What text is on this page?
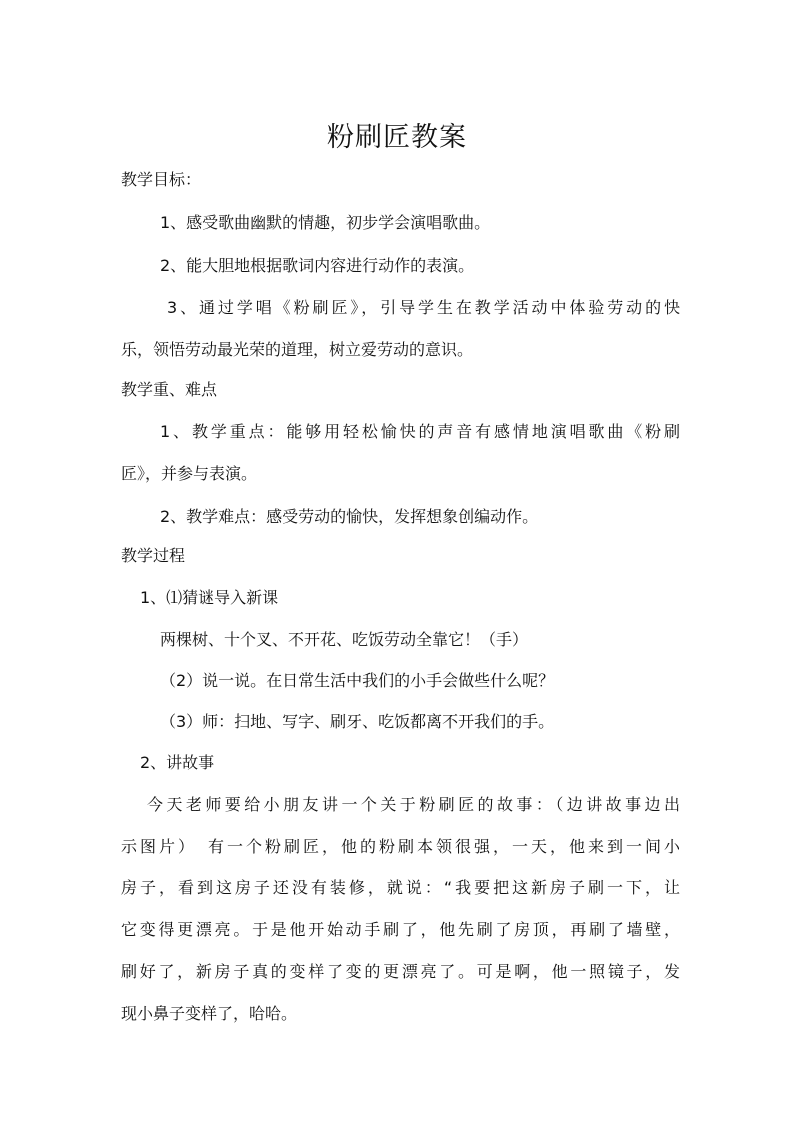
粉刷匠教案
教学目标：
1、感受歌曲幽默的情趣，初步学会演唱歌曲。
2、能大胆地根据歌词内容进行动作的表演。
3、通过学唱《粉刷匠》，引导学生在教学活动中体验劳动的快
乐，领悟劳动最光荣的道理，树立爱劳动的意识。
教学重、难点
1、教学重点：能够用轻松愉快的声音有感情地演唱歌曲《粉刷
匠》，并参与表演。
2、教学难点：感受劳动的愉快，发挥想象创编动作。
教学过程
1、⑴猜谜导入新课
两棵树、十个叉、不开花、吃饭劳动全靠它！（手）
（2）说一说。在日常生活中我们的小手会做些什么呢？
（3）师：扫地、写字、刷牙、吃饭都离不开我们的手。
2、讲故事
今天老师要给小朋友讲一个关于粉刷匠的故事：（边讲故事边出
示图片）　有一个粉刷匠，他的粉刷本领很强，一天，他来到一间小
房子，看到这房子还没有装修，就说：“我要把这新房子刷一下，让
它变得更漂亮。于是他开始动手刷了，他先刷了房顶，再刷了墙壁，
刷好了，新房子真的变样了变的更漂亮了。可是啊，他一照镜子，发
现小鼻子变样了，哈哈。
